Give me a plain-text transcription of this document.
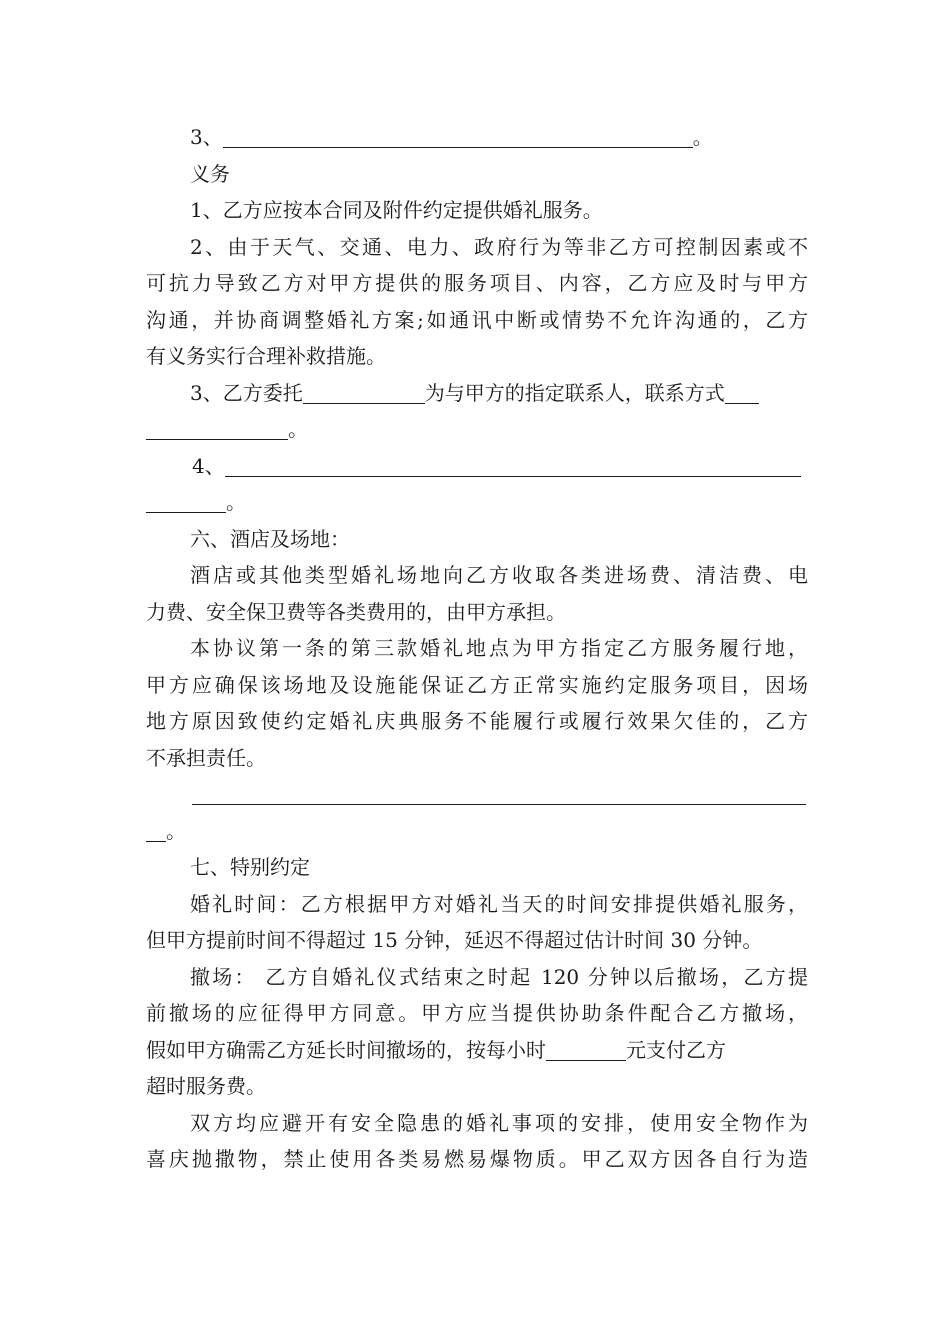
3、	。
义务
1、乙方应按本合同及附件约定提供婚礼服务。
2、由于天气、交通、电力、政府行为等非乙方可控制因素或不
可抗力导致乙方对甲方提供的服务项目、内容，乙方应及时与甲方
沟通，并协商调整婚礼方案;如通讯中断或情势不允许沟通的，乙方
有义务实行合理补救措施。
3、乙方委托	为与甲方的指定联系人，联系方式
。
4、
。
六、酒店及场地：
酒店或其他类型婚礼场地向乙方收取各类进场费、清洁费、电
力费、安全保卫费等各类费用的，由甲方承担。
本协议第一条的第三款婚礼地点为甲方指定乙方服务履行地，
甲方应确保该场地及设施能保证乙方正常实施约定服务项目，因场
地方原因致使约定婚礼庆典服务不能履行或履行效果欠佳的，乙方
不承担责任。
。
七、特别约定
婚礼时间：乙方根据甲方对婚礼当天的时间安排提供婚礼服务，
但甲方提前时间不得超过 15 分钟，延迟不得超过估计时间 30 分钟。
撤场： 乙方自婚礼仪式结束之时起 120 分钟以后撤场，乙方提
前撤场的应征得甲方同意。甲方应当提供协助条件配合乙方撤场，
假如甲方确需乙方延长时间撤场的，按每小时	元支付乙方
超时服务费。
双方均应避开有安全隐患的婚礼事项的安排，使用安全物作为
喜庆抛撒物，禁止使用各类易燃易爆物质。甲乙双方因各自行为造
